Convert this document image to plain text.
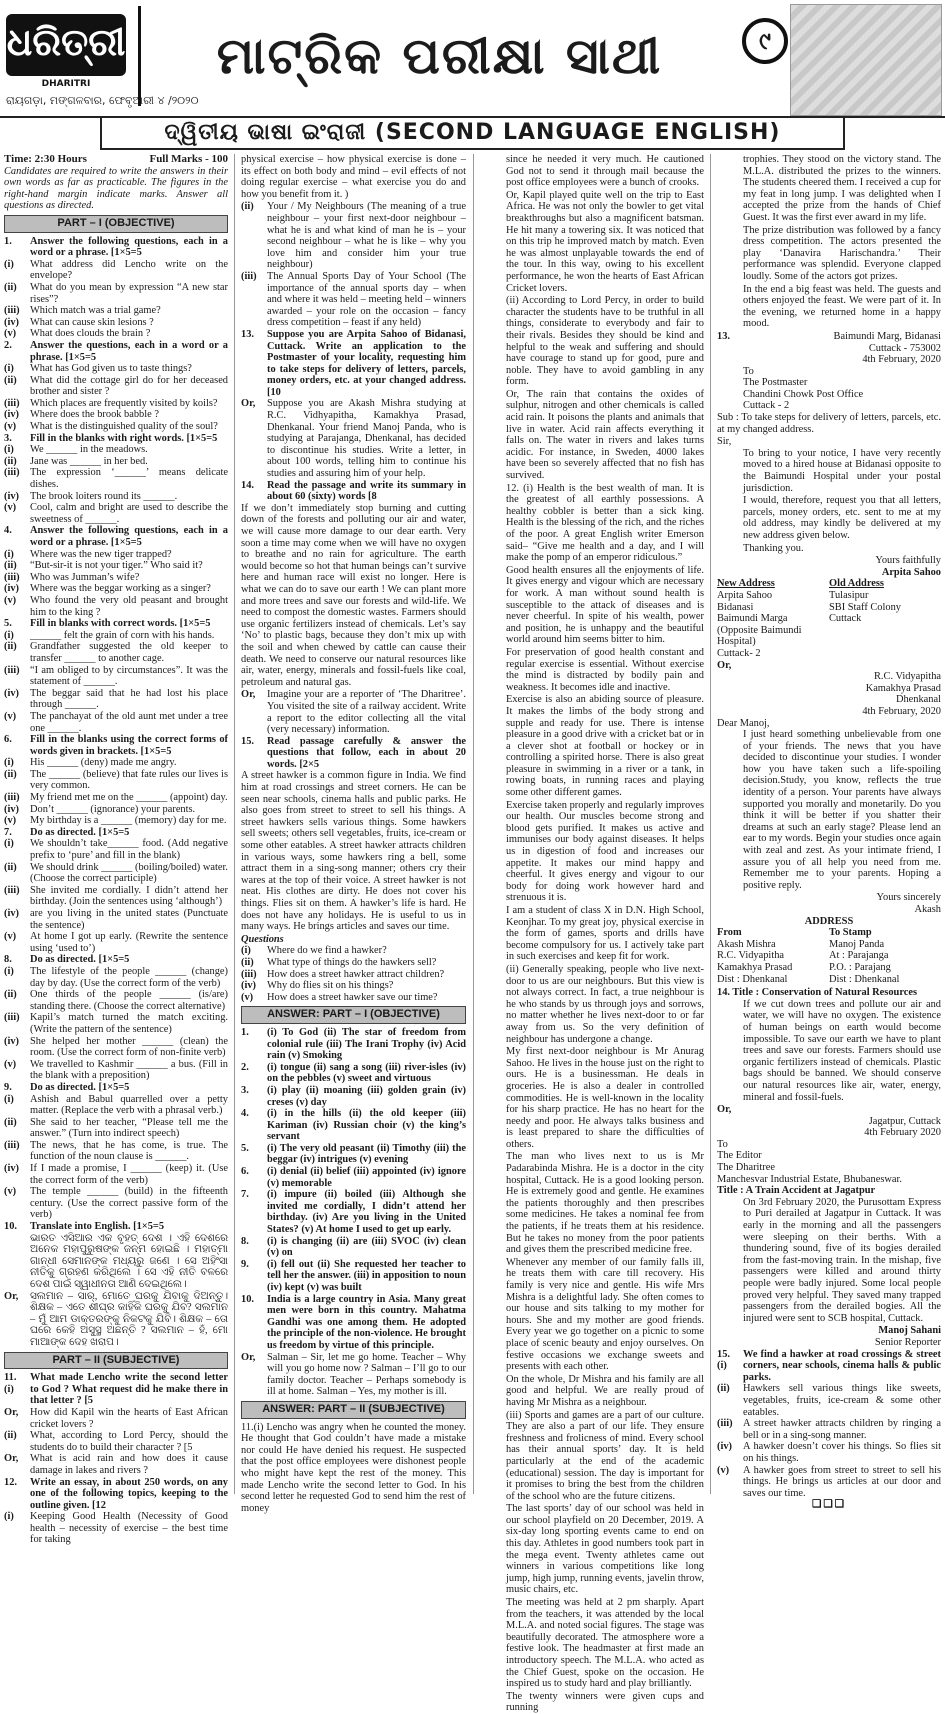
ଧରିତ୍ରୀ
DHARITRI
ରାୟଗଡ଼ା, ମଙ୍ଗଳବାର, ଫେବୃଆରୀ ୪ /୨୦୨୦
ମାଟ୍ରିକ ପରୀକ୍ଷା ସାଥୀ	୯
ଦ୍ୱିତୀୟ ଭାଷା ଇଂରାଜୀ (SECOND LANGUAGE ENGLISH)
Time: 2:30 Hours	Full Marks - 100

Candidates are required to write the answers in their own words as far as practicable. The figures in the right-hand margin indicate marks. Answer all questions as directed.

PART – I (OBJECTIVE)
1.	Answer the following questions, each in a word or a phrase. [1×5=5
(i)	What address did Lencho write on the envelope?
(ii)	What do you mean by expression “A new star rises”?
(iii)	Which match was a trial game?
(iv)	What can cause skin lesions ?
(v)	What does clouds the brain ?
2.	Answer the questions, each in a word or a phrase. [1×5=5
(i)	What has God given us to taste things?
(ii)	What did the cottage girl do for her deceased brother and sister ?
(iii)	Which places are frequently visited by koils?
(iv)	Where does the brook babble ?
(v)	What is the distinguished quality of the soul?
3.	Fill in the blanks with right words. [1×5=5
(i)	We ______ in the meadows.
(ii)	Jane was ______ in her bed.
(iii)	The expression ‘______’ means delicate dishes.
(iv)	The brook loiters round its ______.
(v)	Cool, calm and bright are used to describe the sweetness of ______.
4.	Answer the following questions, each in a word or a phrase. [1×5=5
(i)	Where was the new tiger trapped?
(ii)	“But-sir-it is not your tiger.” Who said it?
(iii)	Who was Jumman’s wife?
(iv)	Where was the beggar working as a singer?
(v)	Who found the very old peasant and brought him to the king ?
5.	Fill in blanks with correct words. [1×5=5
(i)	______ felt the grain of corn with his hands.
(ii)	Grandfather suggested the old keeper to transfer ______ to another cage.
(iii)	“I am obliged to by circumstances”. It was the statement of ______.
(iv)	The beggar said that he had lost his place through ______.
(v)	The panchayat of the old aunt met under a tree one ______.
6.	Fill in the blanks using the correct forms of words given in brackets. [1×5=5
(i)	His ______ (deny) made me angry.
(ii)	The ______ (believe) that fate rules our lives is very common.
(iii)	My friend met me on the ______ (appoint) day.
(iv)	Don’t ______ (ignorance) your parents.
(v)	My birthday is a ______ (memory) day for me.
7.	Do as directed. [1×5=5
(i)	We shouldn’t take______ food. (Add negative prefix to ‘pure’ and fill in the blank)
(ii)	We should drink ______ (boiling/boiled) water. (Choose the correct participle)
(iii)	She invited me cordially. I didn’t attend her birthday. (Join the sentences using ‘although’)
(iv)	are you living in the united states (Punctuate the sentence)
(v)	At home I got up early. (Rewrite the sentence using ‘used to’)
8.	Do as directed. [1×5=5
(i)	The lifestyle of the people ______ (change) day by day. (Use the correct form of the verb)
(ii)	One thirds of the people ______ (is/are) standing there. (Choose the correct alternative)
(iii)	Kapil’s match turned the match exciting. (Write the pattern of the sentence)
(iv)	She helped her mother ______ (clean) the room. (Use the correct form of non-finite verb)
(v)	We travelled to Kashmir ______ a bus. (Fill in the blank with a preposition)
9.	Do as directed. [1×5=5
(i)	Ashish and Babul quarrelled over a petty matter. (Replace the verb with a phrasal verb.)
(ii)	She said to her teacher, “Please tell me the answer.” (Turn into indirect speech)
(iii)	The news, that he has come, is true. The function of the noun clause is ______.
(iv)	If I made a promise, I ______ (keep) it. (Use the correct form of the verb)
(v)	The temple ______ (build) in the fifteenth century. (Use the correct passive form of the verb)
10.	Translate into English. [1×5=5
ଭାରତ ଏସିଆର ଏକ ବୃହତ୍ ଦେଶ । ଏହି ଦେଶରେ ଅନେକ ମହାପୁରୁଷଙ୍କ ଜନ୍ମ ହୋଇଛି । ମହାତ୍ମା ଗାନ୍ଧୀ ସେମାନଙ୍କ ମଧ୍ୟରୁ ଜଣେ । ସେ ଅହିଂସା ନୀତିକୁ ଗ୍ରହଣ କରିଥିଲେ । ସେ ଏହି ନୀତି ବଳରେ ଦେଶ ପାଇଁ ସ୍ୱାଧୀନତା ଆଣି ଦେଇଥିଲେ।
Or,	ସଲମାନ – ସାର୍, ମୋତେ ଘରକୁ ଯିବାକୁ ଦିଅନ୍ତୁ। ଶିକ୍ଷକ – ଏତେ ଶୀଘ୍ର କାହିଁକି ଘରକୁ ଯିବ? ସଲମାନ – ମୁଁ ଆମ ଡାକ୍ତରଙ୍କୁ ନିକଟକୁ ଯିବି। ଶିକ୍ଷକ – ତୋ ଘରେ କେହି ଅସୁସ୍ଥ ଅଛନ୍ତି ? ସଲମାନ – ହଁ, ମୋ ମାଆଙ୍କ ଦେହ ଖରାପ।
PART – II (SUBJECTIVE)
11.(i)
What made Lencho write the second letter to God ? What request did he make there in that letter ? [5
Or,	How did Kapil win the hearts of East African cricket lovers ?
(ii)	What, according to Lord Percy, should the students do to build their character ? [5
Or,	What is acid rain and how does it cause damage in lakes and rivers ?
12.	Write an essay, in about 250 words, on any one of the following topics, keeping to the outline given. [12
(i)	Keeping Good Health (Necessity of Good health – necessity of exercise – the best time for taking

physical exercise – how physical exercise is done – its effect on both body and mind – evil effects of not doing regular exercise – what exercise you do and how you benefit from it. )

(ii)	Your / My Neighbours (The meaning of a true neighbour – your first next-door neighbour – what he is and what kind of man he is – your second neighbour – what he is like – why you love him and consider him your true neighbour)
(iii)	The Annual Sports Day of Your School (The importance of the annual sports day – when and where it was held – meeting held – winners awarded – your role on the occasion – fancy dress competition – feast if any held)
13.	Suppose you are Arpita Sahoo of Bidanasi, Cuttack. Write an application to the Postmaster of your locality, requesting him to take steps for delivery of letters, parcels, money orders, etc. at your changed address. [10
Or,	Suppose you are Akash Mishra studying at R.C. Vidhyapitha, Kamakhya Prasad, Dhenkanal. Your friend Manoj Panda, who is studying at Parajanga, Dhenkanal, has decided to discontinue his studies. Write a letter, in about 100 words, telling him to continue his studies and assuring him of your help.
14.	Read the passage and write its summary in about 60 (sixty) words [8

If we don’t immediately stop burning and cutting down of the forests and polluting our air and water, we will cause more damage to our dear earth. Very soon a time may come when we will have no oxygen to breathe and no rain for agriculture. The earth would become so hot that human beings can’t survive here and human race will exist no longer. Here is what we can do to save our earth ! We can plant more and more trees and save our forests and wild-life. We need to compost the domestic wastes. Farmers should use organic fertilizers instead of chemicals. Let’s say ‘No’ to plastic bags, because they don’t mix up with the soil and when chewed by cattle can cause their death. We need to conserve our natural resources like air, water, energy, minerals and fossil-fuels like coal, petroleum and natural gas.

Or,	Imagine your are a reporter of ‘The Dharitree’. You visited the site of a railway accident. Write a report to the editor collecting all the vital (very necessary) information.
15.	Read passage carefully & answer the questions that follow, each in about 20 words. [2×5

A street hawker is a common figure in India. We find him at road crossings and street corners. He can be seen near schools, cinema halls and public parks. He also goes from street to street to sell his things. A street hawkers sells various things. Some hawkers sell sweets; others sell vegetables, fruits, ice-cream or some other eatables. A street hawker attracts children in various ways, some hawkers ring a bell, some attract them in a sing-song manner; others cry their wares at the top of their voice. A street hawker is not neat. His clothes are dirty. He does not cover his things. Flies sit on them. A hawker’s life is hard. He does not have any holidays. He is useful to us in many ways. He brings articles and saves our time.

Questions
(i)	Where do we find a hawker?
(ii)	What type of things do the hawkers sell?
(iii)	How does a street hawker attract children?
(iv)	Why do flies sit on his things?
(v)	How does a street hawker save our time?
ANSWER: PART – I (OBJECTIVE)
1.	(i) To God (ii) The star of freedom from colonial rule (iii) The Irani Trophy (iv) Acid rain (v) Smoking
2.	(i) tongue (ii) sang a song (iii) river-isles (iv) on the pebbles (v) sweet and virtuous
3.	(i) play (ii) moaning (iii) golden grain (iv) creses (v) day
4.	(i) in the hills (ii) the old keeper (iii) Kariman (iv) Russian choir (v) the king’s servant
5.	(i) The very old peasant (ii) Timothy (iii) the beggar (iv) intrigues (v) evening
6.	(i) denial (ii) belief (iii) appointed (iv) ignore (v) memorable
7.	(i) impure (ii) boiled (iii) Although she invited me cordially, I didn’t attend her birthday. (iv) Are you living in the United States? (v) At home I used to get up early.
8.	(i) is changing (ii) are (iii) SVOC (iv) clean (v) on
9.	(i) fell out (ii) She requested her teacher to tell her the answer. (iii) in apposition to noun (iv) kept (v) was built
10.	India is a large country in Asia. Many great men were born in this country. Mahatma Gandhi was one among them. He adopted the principle of the non-violence. He brought us freedom by virtue of this principle.
Or,	Salman – Sir, let me go home. Teacher – Why will you go home now ? Salman – I’ll go to our family doctor. Teacher – Perhaps somebody is ill at home. Salman – Yes, my mother is ill.
ANSWER: PART – II (SUBJECTIVE)

11.(i) Lencho was angry when he counted the money. He thought that God couldn’t have made a mistake nor could He have denied his request. He suspected that the post office employees were dishonest people who might have kept the rest of the money. This made Lencho write the second letter to God. In his second letter he requested God to send him the rest of money

since he needed it very much. He cautioned God not to send it through mail because the post office employees were a bunch of crooks.

Or, Kapil played quite well on the trip to East Africa. He was not only the bowler to get vital breakthroughs but also a magnificent batsman. He hit many a towering six. It was noticed that on this trip he improved match by match. Even he was almost unplayable towards the end of the tour. In this way, owing to his excellent performance, he won the hearts of East African Cricket lovers.

(ii) According to Lord Percy, in order to build character the students have to be truthful in all things, considerate to everybody and fair to their rivals. Besides they should be kind and helpful to the weak and suffering and should have courage to stand up for good, pure and noble. They have to avoid gambling in any form.

Or, The rain that contains the oxides of sulphur, nitrogen and other chemicals is called acid rain. It poisons the plants and animals that live in water. Acid rain affects everything it falls on. The water in rivers and lakes turns acidic. For instance, in Sweden, 4000 lakes have been so severely affected that no fish has survived.

12. (i) Health is the best wealth of man. It is the greatest of all earthly possessions. A healthy cobbler is better than a sick king. Health is the blessing of the rich, and the riches of the poor. A great English writer Emerson said– “Give me health and a day, and I will make the pomp of an emperor ridiculous.”

Good health ensures all the enjoyments of life. It gives energy and vigour which are necessary for work. A man without sound health is susceptible to the attack of diseases and is never cheerful. In spite of his wealth, power and position, he is unhappy and the beautiful world around him seems bitter to him.

For preservation of good health constant and regular exercise is essential. Without exercise the mind is distracted by bodily pain and weakness. It becomes idle and inactive.

Exercise is also an abiding source of pleasure. It makes the limbs of the body strong and supple and ready for use. There is intense pleasure in a good drive with a cricket bat or in a clever shot at football or hockey or in controlling a spirited horse. There is also great pleasure in swimming in a river or a tank, in rowing boats, in running races and playing some other different games.

Exercise taken properly and regularly improves our health. Our muscles become strong and blood gets purified. It makes us active and immunises our body against diseases. It helps us in digestion of food and increases our appetite. It makes our mind happy and cheerful. It gives energy and vigour to our body for doing work however hard and strenuous it is.

I am a student of class X in D.N. High School, Keonjhar. To my great joy, physical exercise in the form of games, sports and drills have become compulsory for us. I actively take part in such exercises and keep fit for work.

(ii) Generally speaking, people who live next-door to us are our neighbours. But this view is not always correct. In fact, a true neighbour is he who stands by us through joys and sorrows, no matter whether he lives next-door to or far away from us. So the very definition of neighbour has undergone a change.

My first next-door neighbour is Mr Anurag Sahoo. He lives in the house just on the right to ours. He is a businessman. He deals in groceries. He is also a dealer in controlled commodities. He is well-known in the locality for his sharp practice. He has no heart for the needy and poor. He always talks business and is least prepared to share the difficulties of others.

The man who lives next to us is Mr Padarabinda Mishra. He is a doctor in the city hospital, Cuttack. He is a good looking person. He is extremely good and gentle. He examines the patients thoroughly and then prescribes some medicines. He takes a nominal fee from the patients, if he treats them at his residence. But he takes no money from the poor patients and gives them the prescribed medicine free.

Whenever any member of our family falls ill, he treats them with care till recovery. His family is very nice and gentle. His wife Mrs Mishra is a delightful lady. She often comes to our house and sits talking to my mother for hours. She and my mother are good friends. Every year we go together on a picnic to some place of scenic beauty and enjoy ourselves. On festive occasions we exchange sweets and presents with each other.

On the whole, Dr Mishra and his family are all good and helpful. We are really proud of having Mr Mishra as a neighbour.

(iii) Sports and games are a part of our culture. They are also a part of our life. They ensure freshness and frolicness of mind. Every school has their annual sports’ day. It is held particularly at the end of the academic (educational) session. The day is important for it promises to bring the best from the children of the school who are the future citizens.

The last sports’ day of our school was held in our school playfield on 20 December, 2019. A six-day long sporting events came to end on this day. Athletes in good numbers took part in the mega event. Twenty athletes came out winners in various competitions like long jump, high jump, running events, javelin throw, music chairs, etc.

The meeting was held at 2 pm sharply. Apart from the teachers, it was attended by the local M.L.A. and noted social figures. The stage was beautifully decorated. The atmosphere wore a festive look. The headmaster at first made an introductory speech. The M.L.A. who acted as the Chief Guest, spoke on the occasion. He inspired us to study hard and play brilliantly.

The twenty winners were given cups and running

trophies. They stood on the victory stand. The M.L.A. distributed the prizes to the winners. The students cheered them. I received a cup for my feat in long jump. I was delighted when I accepted the prize from the hands of Chief Guest. It was the first ever award in my life.

The prize distribution was followed by a fancy dress competition. The actors presented the play ‘Danavira Harischandra.’ Their performance was splendid. Everyone clapped loudly. Some of the actors got prizes.

In the end a big feast was held. The guests and others enjoyed the feast. We were part of it. In the evening, we returned home in a happy mood.

13.	Baimundi Marg, Bidanasi
Cuttack - 753002
4th February, 2020
To
The Postmaster
Chandini Chowk Post Office
Cuttack - 2

Sub : To take steps for delivery of letters, parcels, etc. at my changed address.

Sir,

To bring to your notice, I have very recently moved to a hired house at Bidanasi opposite to the Baimundi Hospital under your postal jurisdiction.

I would, therefore, request you that all letters, parcels, money orders, etc. sent to me at my old address, may kindly be delivered at my new address given below.

Thanking you.

Yours faithfully
Arpita Sahoo
New Address	Old Address
Arpita Sahoo	Tulasipur
Bidanasi	SBI Staff Colony
Baimundi Marga	Cuttack
(Opposite Baimundi Hospital)
Cuttack- 2
Or,
R.C. Vidyapitha
Kamakhya Prasad
Dhenkanal
4th February, 2020
Dear Manoj,

I just heard something unbelievable from one of your friends. The news that you have decided to discontinue your studies. I wonder how you have taken such a life-spoiling decision.Study, you know, reflects the true identity of a person. Your parents have always supported you morally and monetarily. Do you think it will be better if you shatter their dreams at such an early stage? Please lend an ear to my words. Begin your studies once again with zeal and zest. As your intimate friend, I assure you of all help you need from me. Remember me to your parents. Hoping a positive reply.

Yours sincerely
Akash
ADDRESS
From	To Stamp
Akash Mishra	Manoj Panda
R.C. Vidyapitha	At : Parajanga
Kamakhya Prasad	P.O. : Parajang
Dist : Dhenkanal	Dist : Dhenkanal
14. Title : Conservation of Natural Resources

If we cut down trees and pollute our air and water, we will have no oxygen. The existence of human beings on earth would become impossible. To save our earth we have to plant trees and save our forests. Farmers should use organic fertilizers instead of chemicals. Plastic bags should be banned. We should conserve our natural resources like air, water, energy, mineral and fossil-fuels.

Or,
Jagatpur, Cuttack
4th February 2020
To
The Editor
The Dharitree
Manchesvar Industrial Estate, Bhubaneswar.
Title : A Train Accident at Jagatpur

On 3rd February 2020, the Purusottam Express to Puri derailed at Jagatpur in Cuttack. It was early in the morning and all the passengers were sleeping on their berths. With a thundering sound, five of its bogies derailed from the fast-moving train. In the mishap, five passengers were killed and around thirty people were badly injured. Some local people proved very helpful. They saved many trapped passengers from the derailed bogies. All the injured were sent to SCB hospital, Cuttack.

Manoj Sahani
Senior Reporter
15. (i)
We find a hawker at road crossings & street corners, near schools, cinema halls & public parks.
(ii)	Hawkers sell various things like sweets, vegetables, fruits, ice-cream & some other eatables.
(iii)	A street hawker attracts children by ringing a bell or in a sing-song manner.
(iv)	A hawker doesn’t cover his things. So flies sit on his things.
(v)	A hawker goes from street to street to sell his things. He brings us articles at our door and saves our time.
❑❑❑
